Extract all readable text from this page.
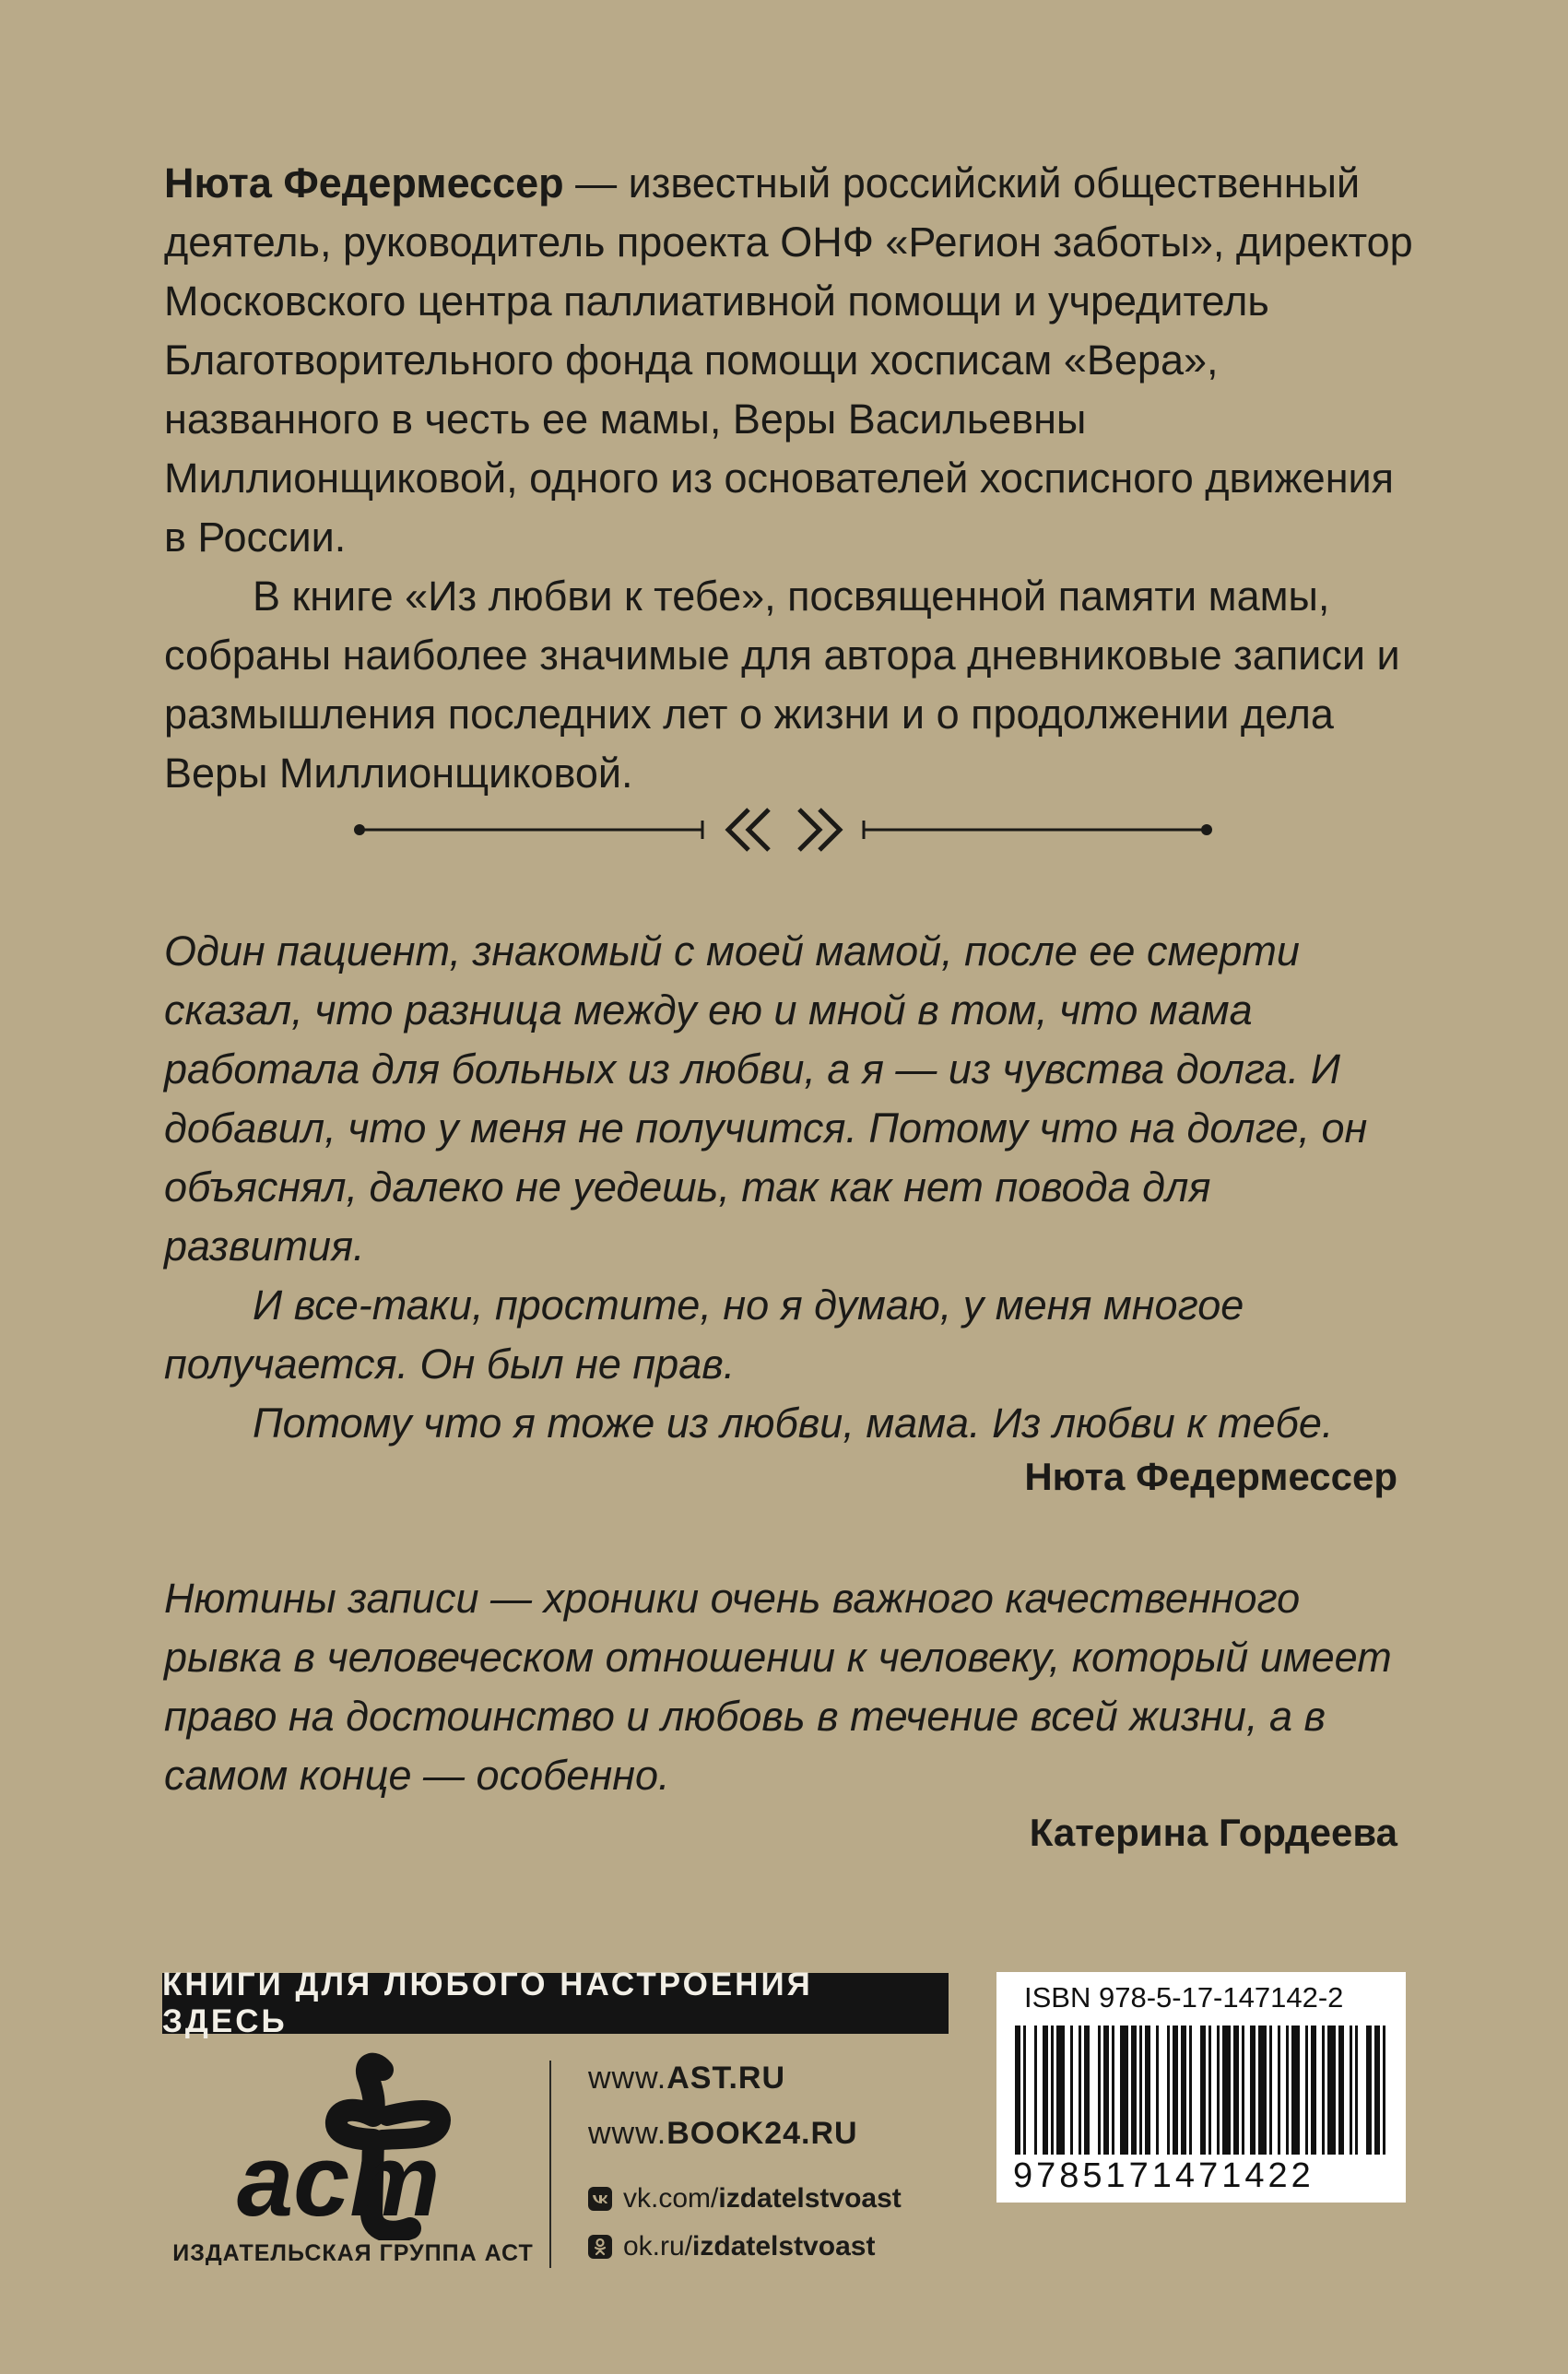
Нюта Федермессер — известный российский общественный деятель, руководитель проекта ОНФ «Регион заботы», директор Московского центра паллиативной помощи и учредитель Благотворительного фонда помощи хосписам «Вера», названного в честь ее мамы, Веры Васильевны Миллионщиковой, одного из основателей хосписного движения в России.

В книге «Из любви к тебе», посвященной памяти мамы, собраны наиболее значимые для автора дневниковые записи и размышления последних лет о жизни и о продолжении дела Веры Миллионщиковой.

Один пациент, знакомый с моей мамой, после ее смерти сказал, что разница между ею и мной в том, что мама работала для больных из любви, а я — из чувства долга. И добавил, что у меня не получится. Потому что на долге, он объяснял, далеко не уедешь, так как нет повода для развития.

И все-таки, простите, но я думаю, у меня многое получается. Он был не прав.

Потому что я тоже из любви, мама. Из любви к тебе.

Нюта Федермессер

Нютины записи — хроники очень важного качественного рывка в человеческом отношении к человеку, который имеет право на достоинство и любовь в течение всей жизни, а в самом конце — особенно.

Катерина Гордеева
КНИГИ ДЛЯ ЛЮБОГО НАСТРОЕНИЯ ЗДЕСЬ
аст
ИЗДАТЕЛЬСКАЯ ГРУППА АСТ
www.AST.RU
www.BOOK24.RU
vk.com/ izdatelstvoast
ok.ru/ izdatelstvoast
ISBN 978-5-17-147142-2
9785171471422
